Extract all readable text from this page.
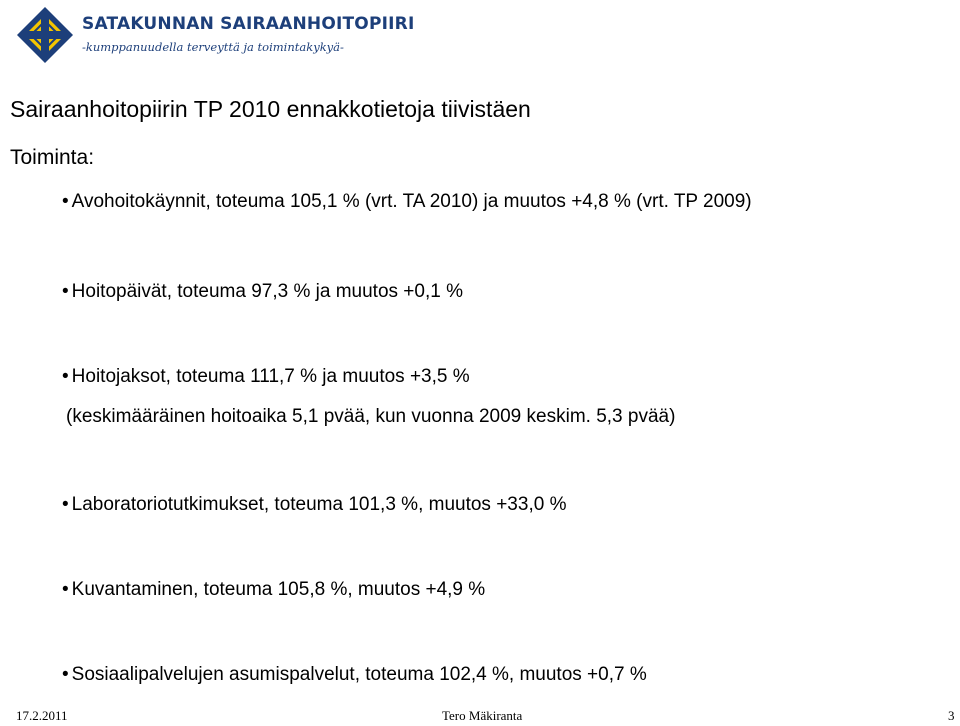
SATAKUNNAN SAIRAANHOITOPIIRI
-kumppanuudella terveyttä ja toimintakykyä-
Sairaanhoitopiirin TP 2010 ennakkotietoja tiivistäen
Toiminta:
• Avohoitokäynnit, toteuma 105,1 % (vrt. TA 2010) ja muutos +4,8 % (vrt. TP 2009)
• Hoitopäivät, toteuma 97,3 % ja muutos +0,1 %
• Hoitojaksot, toteuma 111,7 % ja muutos +3,5 %
(keskimääräinen hoitoaika 5,1 pvää, kun vuonna 2009 keskim. 5,3 pvää)
• Laboratoriotutkimukset, toteuma 101,3 %, muutos +33,0 %
• Kuvantaminen, toteuma 105,8 %, muutos +4,9 %
• Sosiaalipalvelujen asumispalvelut, toteuma 102,4 %, muutos +0,7 %
17.2.2011	Tero Mäkiranta	3
